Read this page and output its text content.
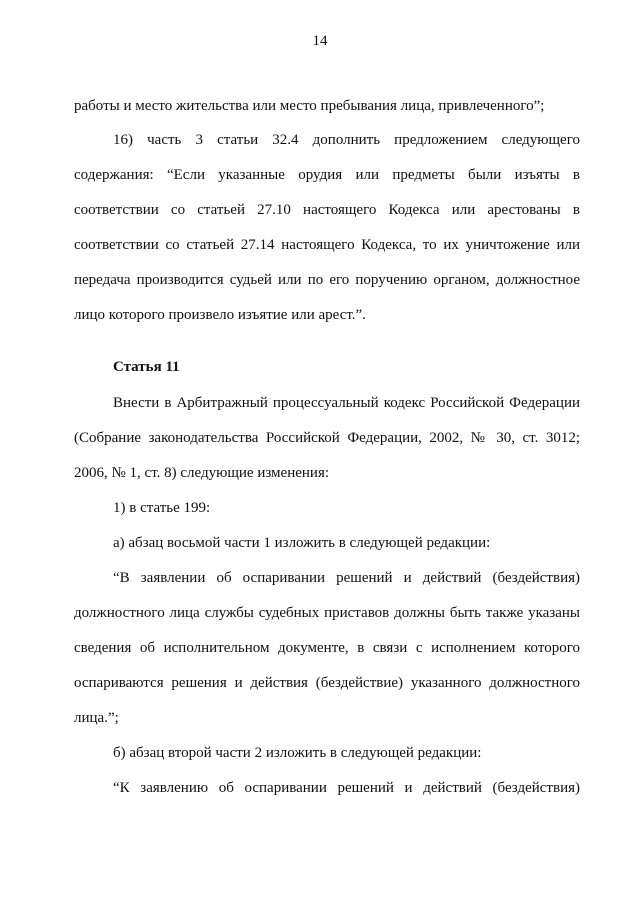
14
работы и место жительства или место пребывания лица, привлеченного”;
16) часть 3 статьи 32.4 дополнить предложением следующего
содержания: “Если указанные орудия или предметы были изъяты в
соответствии со статьей 27.10 настоящего Кодекса или арестованы в
соответствии со статьей 27.14 настоящего Кодекса, то их уничтожение или
передача производится судьей или по его поручению органом, должностное
лицо которого произвело изъятие или арест.”.
Статья 11
Внести в Арбитражный процессуальный кодекс Российской Федерации
(Собрание законодательства Российской Федерации, 2002, № 30, ст. 3012;
2006, № 1, ст. 8) следующие изменения:
1) в статье 199:
а) абзац восьмой части 1 изложить в следующей редакции:
“В заявлении об оспаривании решений и действий (бездействия)
должностного лица службы судебных приставов должны быть также указаны
сведения об исполнительном документе, в связи с исполнением которого
оспариваются решения и действия (бездействие) указанного должностного
лица.”;
б) абзац второй части 2 изложить в следующей редакции:
“К заявлению об оспаривании решений и действий (бездействия)
